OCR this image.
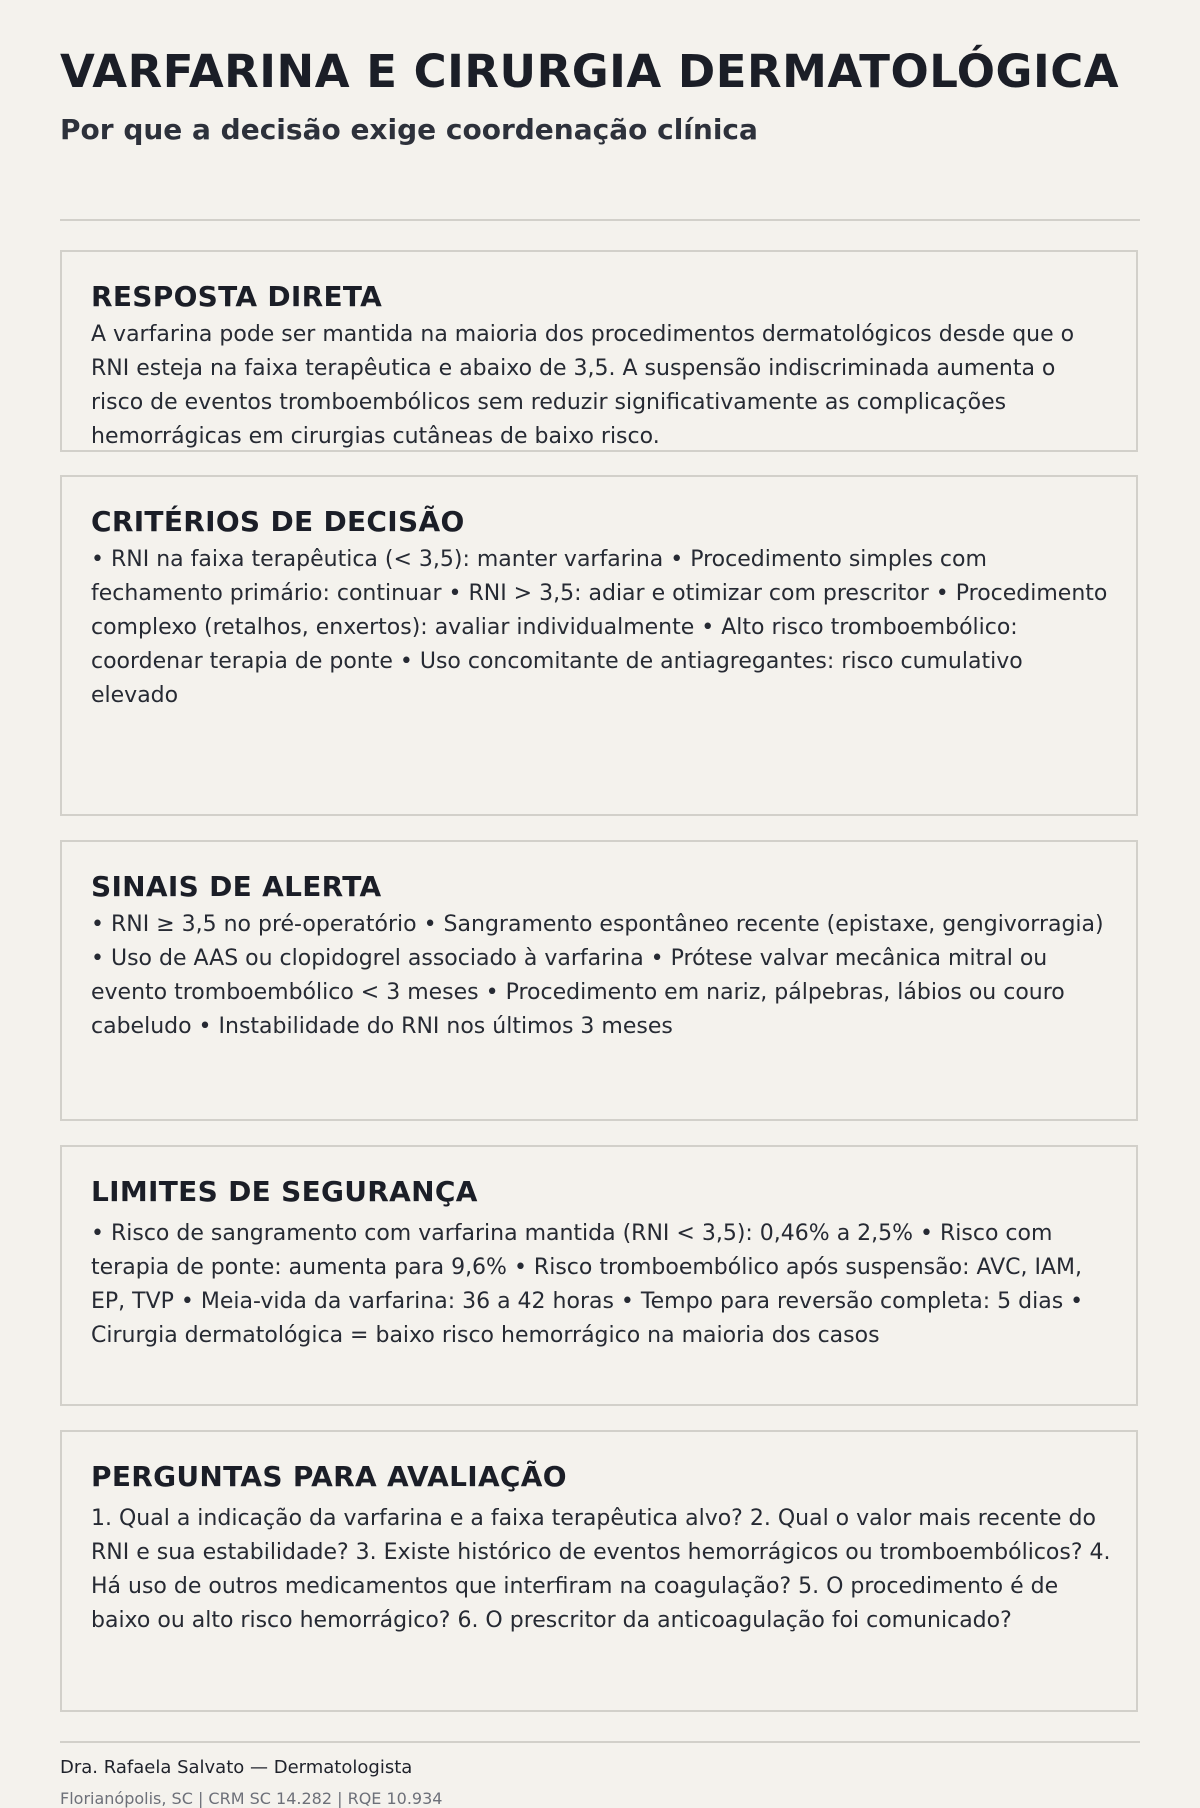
VARFARINA E CIRURGIA DERMATOLÓGICA
Por que a decisão exige coordenação clínica
RESPOSTA DIRETA

A varfarina pode ser mantida na maioria dos procedimentos dermatológicos desde que o RNI esteja na faixa terapêutica e abaixo de 3,5. A suspensão indiscriminada aumenta o risco de eventos tromboembólicos sem reduzir significativamente as complicações hemorrágicas em cirurgias cutâneas de baixo risco.

CRITÉRIOS DE DECISÃO

• RNI na faixa terapêutica (< 3,5): manter varfarina • Procedimento simples com fechamento primário: continuar • RNI > 3,5: adiar e otimizar com prescritor • Procedimento complexo (retalhos, enxertos): avaliar individualmente • Alto risco tromboembólico: coordenar terapia de ponte • Uso concomitante de antiagregantes: risco cumulativo elevado

SINAIS DE ALERTA

• RNI ≥ 3,5 no pré-operatório • Sangramento espontâneo recente (epistaxe, gengivorragia) • Uso de AAS ou clopidogrel associado à varfarina • Prótese valvar mecânica mitral ou evento tromboembólico < 3 meses • Procedimento em nariz, pálpebras, lábios ou couro cabeludo • Instabilidade do RNI nos últimos 3 meses

LIMITES DE SEGURANÇA

• Risco de sangramento com varfarina mantida (RNI < 3,5): 0,46% a 2,5% • Risco com terapia de ponte: aumenta para 9,6% • Risco tromboembólico após suspensão: AVC, IAM, EP, TVP • Meia-vida da varfarina: 36 a 42 horas • Tempo para reversão completa: 5 dias • Cirurgia dermatológica = baixo risco hemorrágico na maioria dos casos

PERGUNTAS PARA AVALIAÇÃO

1. Qual a indicação da varfarina e a faixa terapêutica alvo? 2. Qual o valor mais recente do RNI e sua estabilidade? 3. Existe histórico de eventos hemorrágicos ou tromboembólicos? 4. Há uso de outros medicamentos que interfiram na coagulação? 5. O procedimento é de baixo ou alto risco hemorrágico? 6. O prescritor da anticoagulação foi comunicado?

Dra. Rafaela Salvato — Dermatologista
Florianópolis, SC | CRM SC 14.282 | RQE 10.934
